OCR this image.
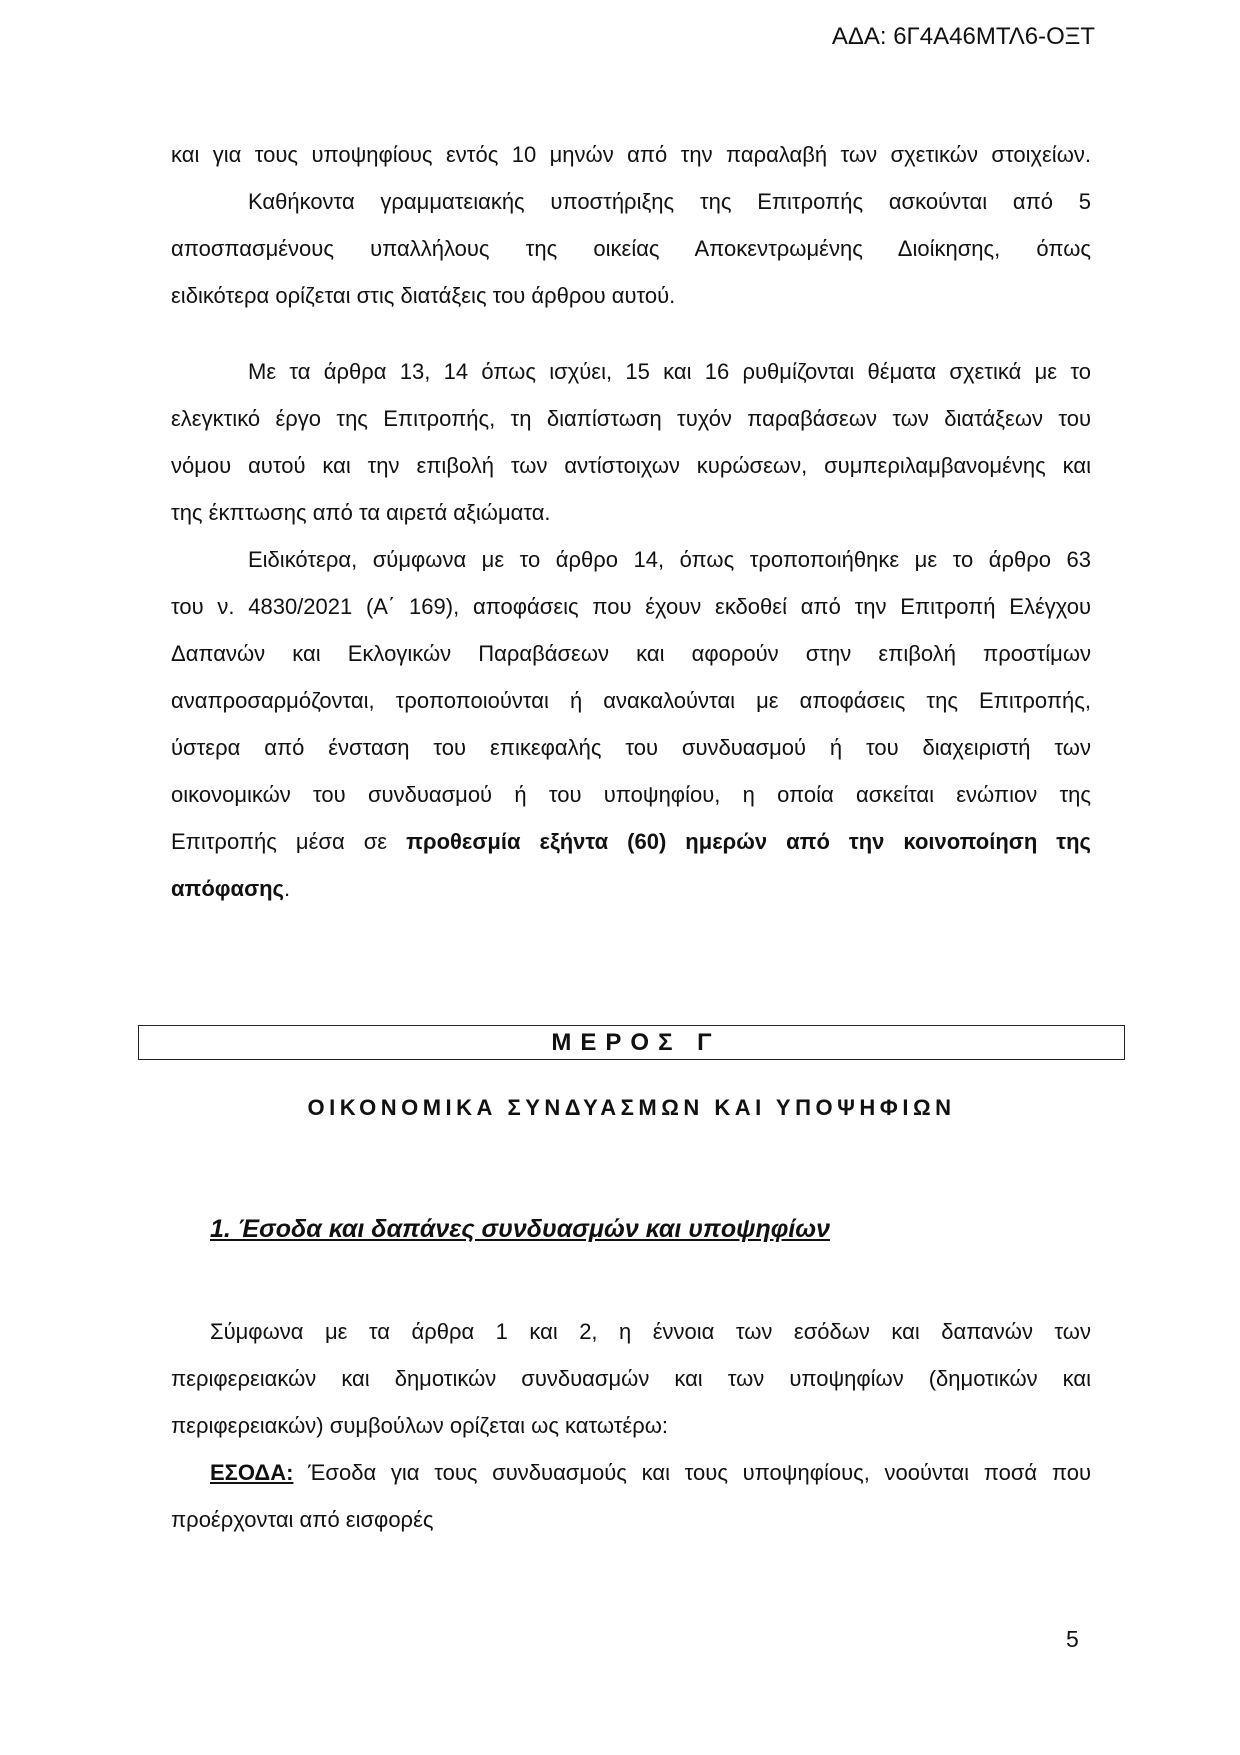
ΑΔΑ: 6Γ4Α46ΜΤΛ6-ΟΞΤ
και για τους υποψηφίους εντός 10 μηνών από την παραλαβή των σχετικών στοιχείων.
Καθήκοντα γραμματειακής υποστήριξης της Επιτροπής ασκούνται από 5
αποσπασμένους υπαλλήλους της οικείας Αποκεντρωμένης Διοίκησης, όπως
ειδικότερα ορίζεται στις διατάξεις του άρθρου αυτού.
Με τα άρθρα 13, 14 όπως ισχύει, 15 και 16 ρυθμίζονται θέματα σχετικά με το
ελεγκτικό έργο της Επιτροπής, τη διαπίστωση τυχόν παραβάσεων των διατάξεων του
νόμου αυτού και την επιβολή των αντίστοιχων κυρώσεων, συμπεριλαμβανομένης και
της έκπτωσης από τα αιρετά αξιώματα.
Ειδικότερα, σύμφωνα με το άρθρο 14, όπως τροποποιήθηκε με το άρθρο 63
του ν. 4830/2021 (Α΄ 169), αποφάσεις που έχουν εκδοθεί από την Επιτροπή Ελέγχου
Δαπανών και Εκλογικών Παραβάσεων και αφορούν στην επιβολή προστίμων
αναπροσαρμόζονται, τροποποιούνται ή ανακαλούνται με αποφάσεις της Επιτροπής,
ύστερα από ένσταση του επικεφαλής του συνδυασμού ή του διαχειριστή των
οικονομικών του συνδυασμού ή του υποψηφίου, η οποία ασκείται ενώπιον της
Επιτροπής μέσα σε προθεσμία εξήντα (60) ημερών από την κοινοποίηση της
απόφασης.
ΜΕΡΟΣ Γ
ΟΙΚΟΝΟΜΙΚΑ ΣΥΝΔΥΑΣΜΩΝ ΚΑΙ ΥΠΟΨΗΦΙΩΝ
1. Έσοδα και δαπάνες συνδυασμών και υποψηφίων
Σύμφωνα με τα άρθρα 1 και 2, η έννοια των εσόδων και δαπανών των
περιφερειακών και δημοτικών συνδυασμών και των υποψηφίων (δημοτικών και
περιφερειακών) συμβούλων ορίζεται ως κατωτέρω:
ΕΣΟΔΑ: Έσοδα για τους συνδυασμούς και τους υποψηφίους, νοούνται ποσά που
προέρχονται από εισφορές
5
